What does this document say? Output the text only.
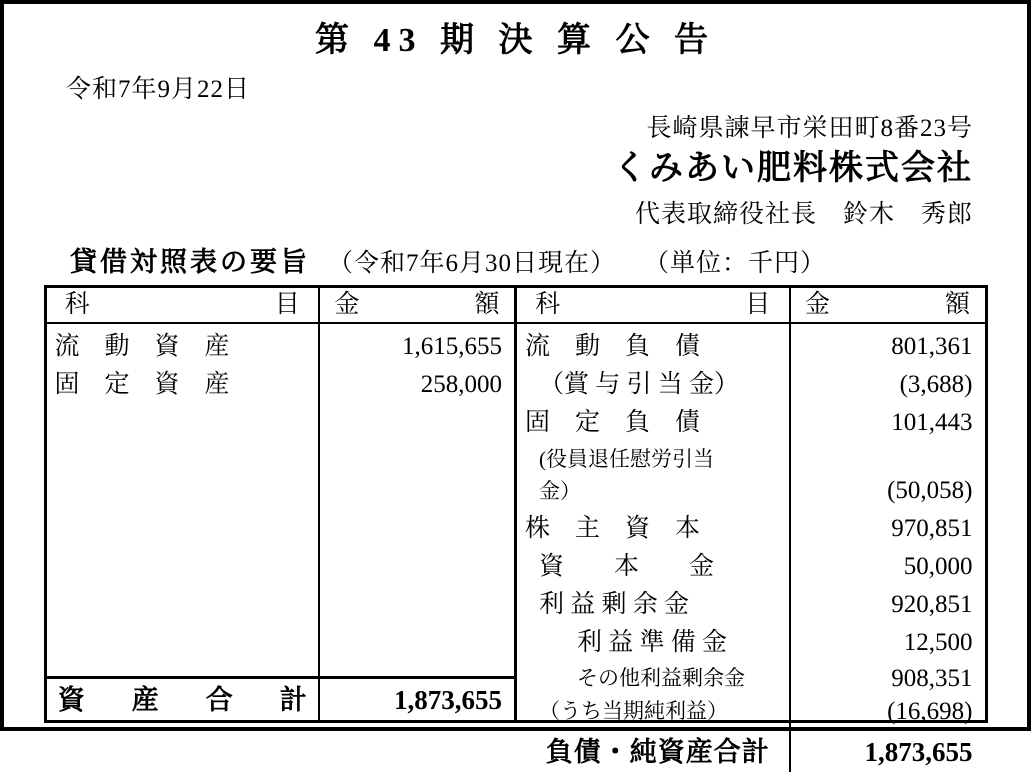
第 43 期 決 算 公 告
令和7年9月22日
長崎県諫早市栄田町8番23号
くみあい肥料株式会社
代表取締役社長　鈴木　秀郎
貸借対照表の要旨 （令和7年6月30日現在） （単位：千円）
科　　　　　目 金　　　額
流　動　資　産
固　定　資　産
1,615,655
258,000
資　産　合　計	1,873,655
科　　　　　目 金　　　額
流　動　負　債
（賞 与 引 当 金）
固　定　負　債
(役員退任慰労引当
金）
株　主　資　本
資　　本　　金
利 益 剰 余 金
利 益 準 備 金
その他利益剰余金
（うち当期純利益）
801,361
(3,688)
101,443

(50,058)
970,851
50,000
920,851
12,500
908,351
(16,698)
負債・純資産合計	1,873,655
